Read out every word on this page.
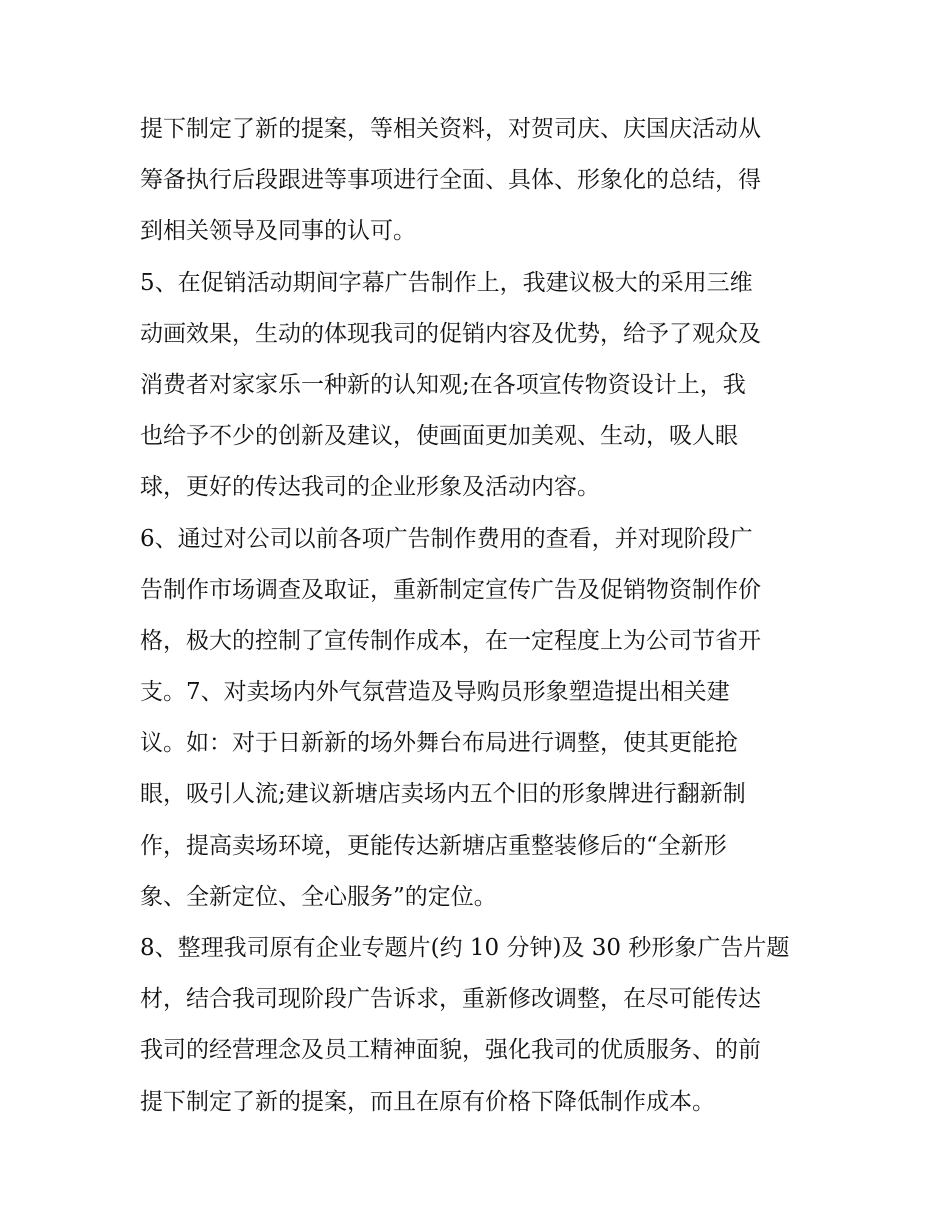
提下制定了新的提案，等相关资料，对贺司庆、庆国庆活动从
筹备执行后段跟进等事项进行全面、具体、形象化的总结，得
到相关领导及同事的认可。
5、在促销活动期间字幕广告制作上，我建议极大的采用三维
动画效果，生动的体现我司的促销内容及优势，给予了观众及
消费者对家家乐一种新的认知观;在各项宣传物资设计上，我
也给予不少的创新及建议，使画面更加美观、生动，吸人眼
球，更好的传达我司的企业形象及活动内容。
6、通过对公司以前各项广告制作费用的查看，并对现阶段广
告制作市场调查及取证，重新制定宣传广告及促销物资制作价
格，极大的控制了宣传制作成本，在一定程度上为公司节省开
支。7、对卖场内外气氛营造及导购员形象塑造提出相关建
议。如：对于日新新的场外舞台布局进行调整，使其更能抢
眼，吸引人流;建议新塘店卖场内五个旧的形象牌进行翻新制
作，提高卖场环境，更能传达新塘店重整装修后的“全新形
象、全新定位、全心服务”的定位。
8、整理我司原有企业专题片(约 10 分钟)及 30 秒形象广告片题
材，结合我司现阶段广告诉求，重新修改调整，在尽可能传达
我司的经营理念及员工精神面貌，强化我司的优质服务、的前
提下制定了新的提案，而且在原有价格下降低制作成本。
